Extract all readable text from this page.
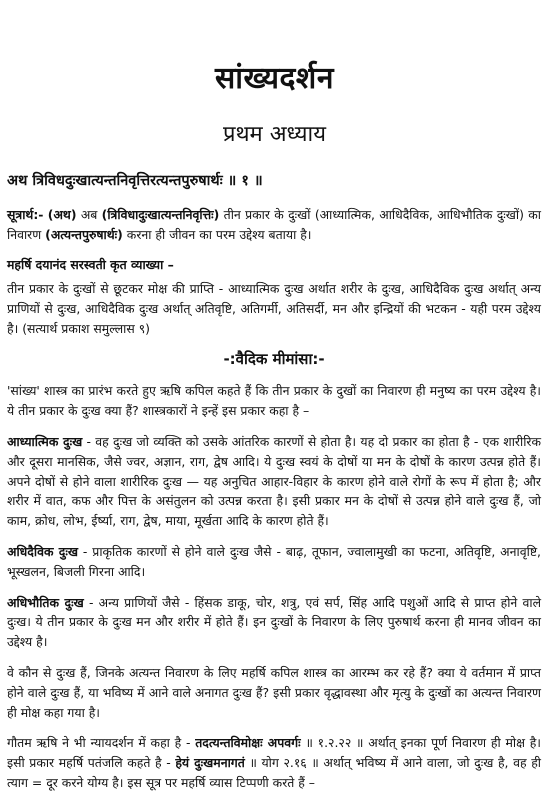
सांख्यदर्शन
प्रथम अध्याय

अथ त्रिविधदुःखात्यन्तनिवृत्तिरत्यन्तपुरुषार्थः ॥ १ ॥

सूत्रार्थ:- (अथ) अब (त्रिविधादुःखात्यन्तनिवृत्तिः) तीन प्रकार के दुःखों (आध्यात्मिक, आधिदैविक, आधिभौतिक दुःखों) का निवारण (अत्यन्तपुरुषार्थः) करना ही जीवन का परम उद्देश्य बताया है।

महर्षि दयानंद सरस्वती कृत व्याख्या –

तीन प्रकार के दुःखों से छूटकर मोक्ष की प्राप्ति - आध्यात्मिक दुःख अर्थात शरीर के दुःख, आधिदैविक दुःख अर्थात् अन्य प्राणियों से दुःख, आधिदैविक दुःख अर्थात् अतिवृष्टि, अतिगर्मी, अतिसर्दी, मन और इन्द्रियों की भटकन - यही परम उद्देश्य है। (सत्यार्थ प्रकाश समुल्लास ९)

-:वैदिक मीमांसा:-

'सांख्य' शास्त्र का प्रारंभ करते हुए ऋषि कपिल कहते हैं कि तीन प्रकार के दुखों का निवारण ही मनुष्य का परम उद्देश्य है। ये तीन प्रकार के दुःख क्या हैं? शास्त्रकारों ने इन्हें इस प्रकार कहा है –

आध्यात्मिक दुःख - वह दुःख जो व्यक्ति को उसके आंतरिक कारणों से होता है। यह दो प्रकार का होता है - एक शारीरिक और दूसरा मानसिक, जैसे ज्वर, अज्ञान, राग, द्वेष आदि। ये दुःख स्वयं के दोषों या मन के दोषों के कारण उत्पन्न होते हैं। अपने दोषों से होने वाला शारीरिक दुःख — यह अनुचित आहार-विहार के कारण होने वाले रोगों के रूप में होता है; और शरीर में वात, कफ और पित्त के असंतुलन को उत्पन्न करता है। इसी प्रकार मन के दोषों से उत्पन्न होने वाले दुःख हैं, जो काम, क्रोध, लोभ, ईर्ष्या, राग, द्वेष, माया, मूर्खता आदि के कारण होते हैं।

अधिदैविक दुःख - प्राकृतिक कारणों से होने वाले दुःख जैसे - बाढ़, तूफान, ज्वालामुखी का फटना, अतिवृष्टि, अनावृष्टि, भूस्खलन, बिजली गिरना आदि।

अधिभौतिक दुःख - अन्य प्राणियों जैसे - हिंसक डाकू, चोर, शत्रु, एवं सर्प, सिंह आदि पशुओं आदि से प्राप्त होने वाले दुःख। ये तीन प्रकार के दुःख मन और शरीर में होते हैं। इन दुःखों के निवारण के लिए पुरुषार्थ करना ही मानव जीवन का उद्देश्य है।

वे कौन से दुःख हैं, जिनके अत्यन्त निवारण के लिए महर्षि कपिल शास्त्र का आरम्भ कर रहे हैं? क्या ये वर्तमान में प्राप्त होने वाले दुःख हैं, या भविष्य में आने वाले अनागत दुःख हैं? इसी प्रकार वृद्धावस्था और मृत्यु के दुःखों का अत्यन्त निवारण ही मोक्ष कहा गया है।

गौतम ऋषि ने भी न्यायदर्शन में कहा है - तदत्यन्तविमोक्षः अपवर्गः ॥ १.२.२२ ॥ अर्थात् इनका पूर्ण निवारण ही मोक्ष है। इसी प्रकार महर्षि पतंजलि कहते है - हेयं दुःखमनागतं ॥ योग २.१६ ॥ अर्थात् भविष्य में आने वाला, जो दुःख है, वह ही त्याग = दूर करने योग्य है। इस सूत्र पर महर्षि व्यास टिप्पणी करते हैं –
